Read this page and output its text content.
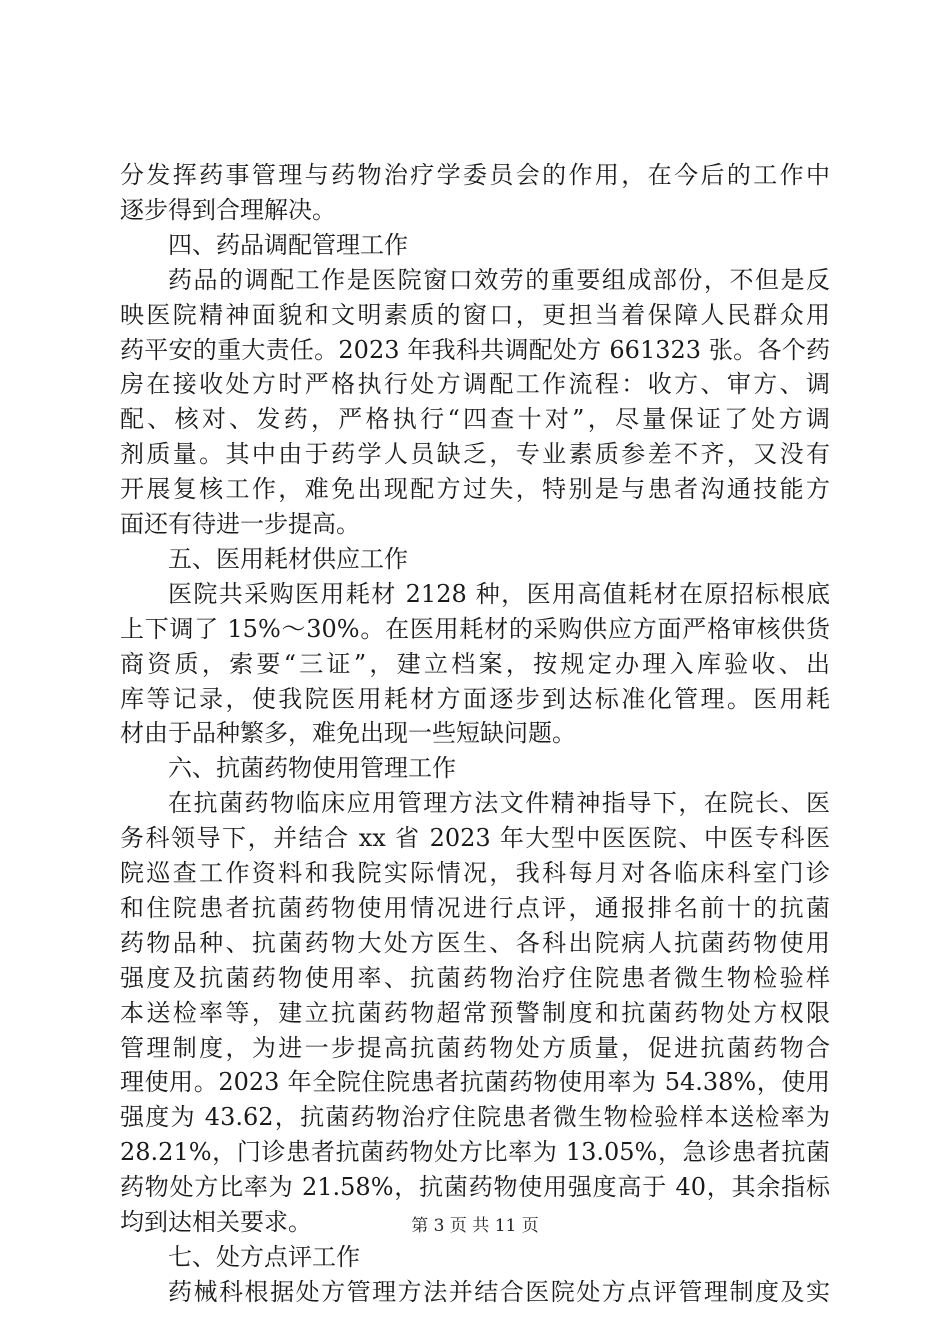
分发挥药事管理与药物治疗学委员会的作用，在今后的工作中
逐步得到合理解决。
四、药品调配管理工作
药品的调配工作是医院窗口效劳的重要组成部份，不但是反
映医院精神面貌和文明素质的窗口，更担当着保障人民群众用
药平安的重大责任。2023 年我科共调配处方 661323 张。各个药
房在接收处方时严格执行处方调配工作流程：收方、审方、调
配、核对、发药，严格执行“四查十对”，尽量保证了处方调
剂质量。其中由于药学人员缺乏，专业素质参差不齐，又没有
开展复核工作，难免出现配方过失，特别是与患者沟通技能方
面还有待进一步提高。
五、医用耗材供应工作
医院共采购医用耗材 2128 种，医用高值耗材在原招标根底
上下调了 15%～30%。在医用耗材的采购供应方面严格审核供货
商资质，索要“三证”，建立档案，按规定办理入库验收、出
库等记录，使我院医用耗材方面逐步到达标准化管理。医用耗
材由于品种繁多，难免出现一些短缺问题。
六、抗菌药物使用管理工作
在抗菌药物临床应用管理方法文件精神指导下，在院长、医
务科领导下，并结合 xx 省 2023 年大型中医医院、中医专科医
院巡查工作资料和我院实际情况，我科每月对各临床科室门诊
和住院患者抗菌药物使用情况进行点评，通报排名前十的抗菌
药物品种、抗菌药物大处方医生、各科出院病人抗菌药物使用
强度及抗菌药物使用率、抗菌药物治疗住院患者微生物检验样
本送检率等，建立抗菌药物超常预警制度和抗菌药物处方权限
管理制度，为进一步提高抗菌药物处方质量，促进抗菌药物合
理使用。2023 年全院住院患者抗菌药物使用率为 54.38%，使用
强度为 43.62，抗菌药物治疗住院患者微生物检验样本送检率为
28.21%，门诊患者抗菌药物处方比率为 13.05%，急诊患者抗菌
药物处方比率为 21.58%，抗菌药物使用强度高于 40，其余指标
均到达相关要求。
七、处方点评工作
药械科根据处方管理方法并结合医院处方点评管理制度及实
第 3 页 共 11 页
